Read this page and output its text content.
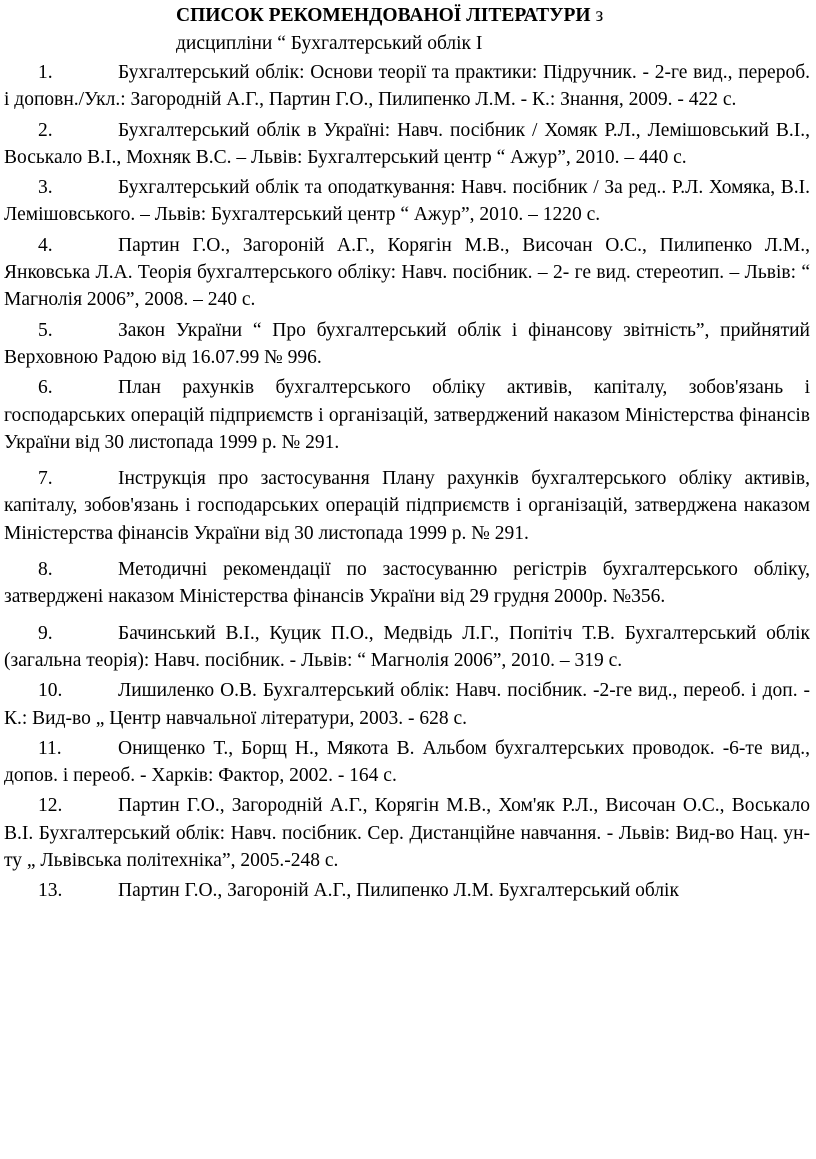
СПИСОК РЕКОМЕНДОВАНОЇ ЛІТЕРАТУРИ з
дисципліни “ Бухгалтерський облік І

1.	Бухгалтерський облік: Основи теорії та практики: Підручник. - 2-ге вид., перероб. і доповн./Укл.: Загородній А.Г., Партин Г.О., Пилипенко Л.М. - К.: Знання, 2009. - 422 с.

2.	Бухгалтерський облік в Україні: Навч. посібник / Хомяк Р.Л., Лемішовський В.І., Воськало В.І., Мохняк В.С. – Львів: Бухгалтерський центр “ Ажур”, 2010. – 440 с.

3.	Бухгалтерський облік та оподаткування: Навч. посібник / За ред.. Р.Л. Хомяка, В.І. Лемішовського. – Львів: Бухгалтерський центр “ Ажур”, 2010. – 1220 с.

4.	Партин Г.О., Загороній А.Г., Корягін М.В., Височан О.С., Пилипенко Л.М., Янковська Л.А. Теорія бухгалтерського обліку: Навч. посібник. – 2- ге вид. стереотип. – Львів: “ Магнолія 2006”, 2008. – 240 с.

5.	Закон України “ Про бухгалтерський облік і фінансову звітність”, прийнятий Верховною Радою від 16.07.99 № 996.

6.	План рахунків бухгалтерського обліку активів, капіталу, зобов'язань і господарських операцій підприємств і організацій, затверджений наказом Міністерства фінансів України від 30 листопада 1999 р. № 291.

7.	Інструкція про застосування Плану рахунків бухгалтерського обліку активів, капіталу, зобов'язань і господарських операцій підприємств і організацій, затверджена наказом Міністерства фінансів України від 30 листопада 1999 р. № 291.

8.	Методичні рекомендації по застосуванню регістрів бухгалтерського обліку, затверджені наказом Міністерства фінансів України від 29 грудня 2000р. №356.

9.	Бачинський В.І., Куцик П.О., Медвідь Л.Г., Попітіч Т.В. Бухгалтерський облік (загальна теорія): Навч. посібник. - Львів: “ Магнолія 2006”, 2010. – 319 с.

10.	Лишиленко О.В. Бухгалтерський облік: Навч. посібник. -2-ге вид., переоб. і доп. - К.: Вид-во „ Центр навчальної літератури, 2003. - 628 с.

11.	Онищенко Т., Борщ Н., Мякота В. Альбом бухгалтерських проводок. -6-те вид., допов. і переоб. - Харків: Фактор, 2002. - 164 с.

12.	Партин Г.О., Загородній А.Г., Корягін М.В., Хом'як Р.Л., Височан О.С., Воськало В.І. Бухгалтерський облік: Навч. посібник. Сер. Дистанційне навчання. - Львів: Вид-во Нац. ун-ту „ Львівська політехніка”, 2005.-248 с.

13.	Партин Г.О., Загороній А.Г., Пилипенко Л.М. Бухгалтерський облік
